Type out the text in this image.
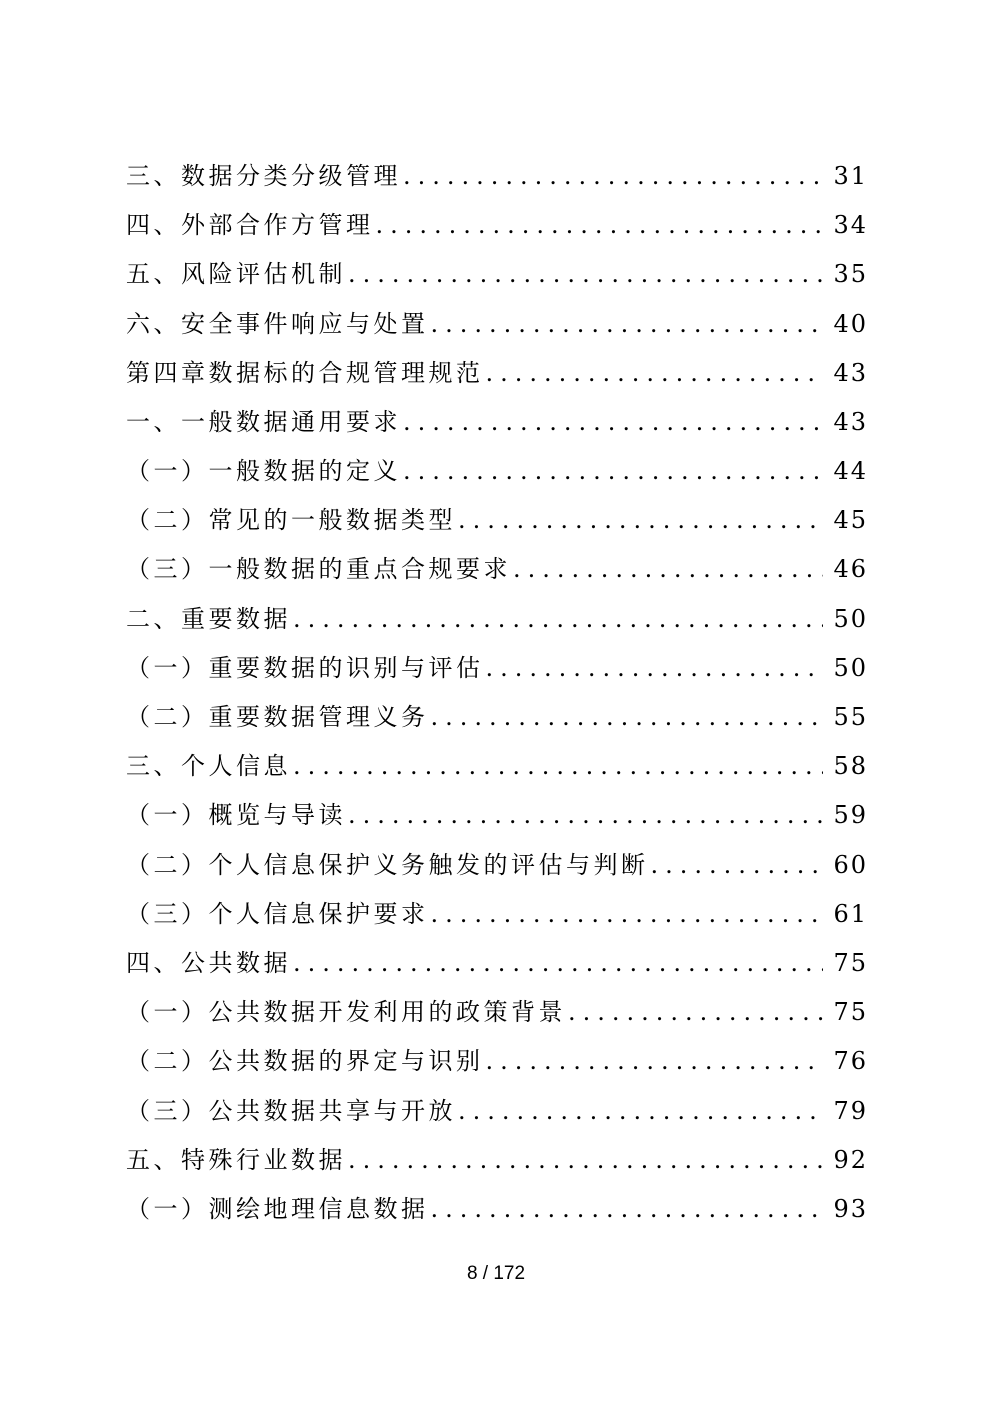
三、数据分类分级管理 .....	31
四、外部合作方管理 .....	34
五、风险评估机制 .....	35
六、安全事件响应与处置 .....	40
第四章数据标的合规管理规范 .....	43
一、一般数据通用要求 .....	43
（一）一般数据的定义 .....	44
（二）常见的一般数据类型 .....	45
（三）一般数据的重点合规要求 .....	46
二、重要数据 .....	50
（一）重要数据的识别与评估 .....	50
（二）重要数据管理义务 .....	55
三、个人信息 .....	58
（一）概览与导读 .....	59
（二）个人信息保护义务触发的评估与判断 .....	60
（三）个人信息保护要求 .....	61
四、公共数据 .....	75
（一）公共数据开发利用的政策背景 .....	75
（二）公共数据的界定与识别 .....	76
（三）公共数据共享与开放 .....	79
五、特殊行业数据 .....	92
（一）测绘地理信息数据 .....	93
8 / 172
